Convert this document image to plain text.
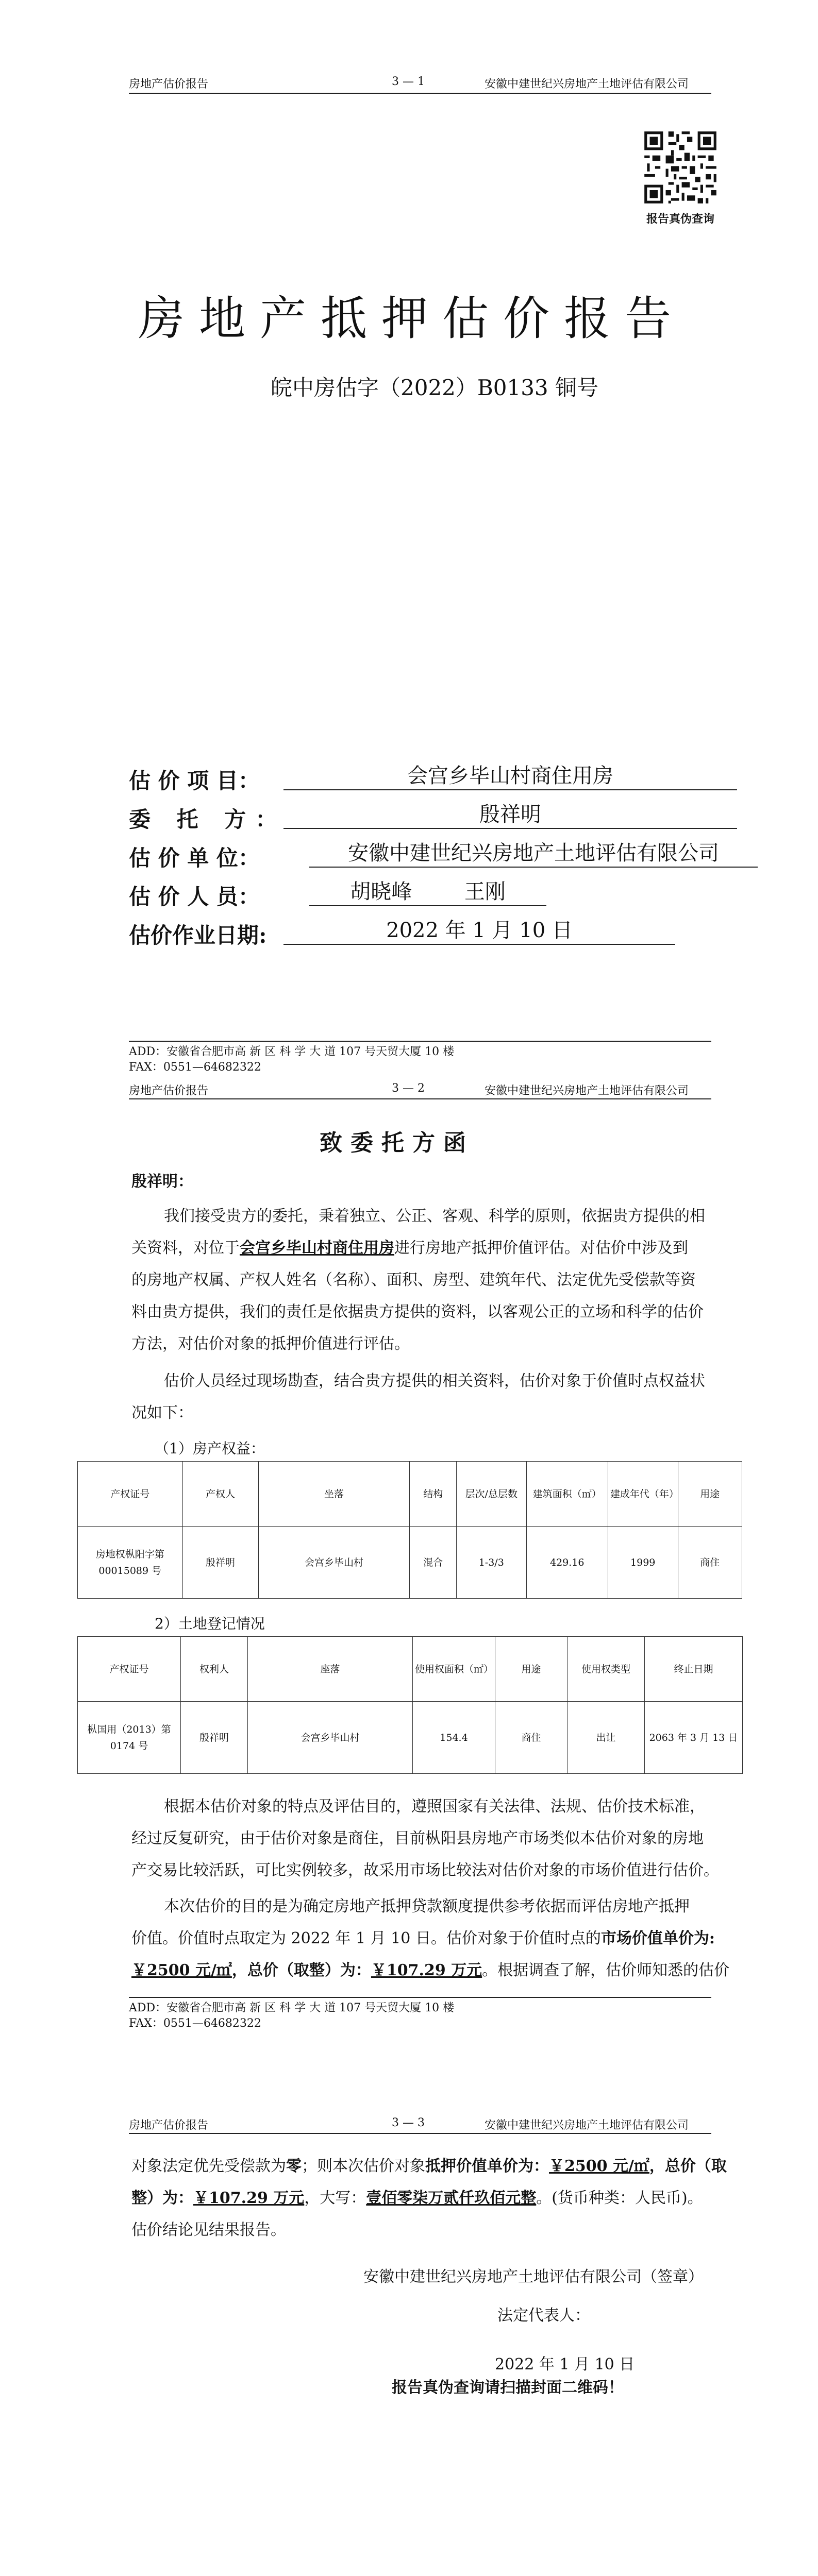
房地产估价报告	3 — 1	安徽中建世纪兴房地产土地评估有限公司
报告真伪查询
房地产抵押估价报告
皖中房估字（2022）B0133 铜号
估 价 项 目：	会宫乡毕山村商住用房
委 托 方：	殷祥明
估 价 单 位：	安徽中建世纪兴房地产土地评估有限公司
估 价 人 员：	胡晓峰        王刚
估价作业日期:	2022 年 1 月 10 日
ADD：安徽省合肥市高 新 区 科 学 大 道 107 号天贸大厦 10 楼
FAX：0551—64682322
房地产估价报告	3 — 2	安徽中建世纪兴房地产土地评估有限公司
致委托方函
殷祥明：
我们接受贵方的委托，秉着独立、公正、客观、科学的原则，依据贵方提供的相
关资料，对位于会宫乡毕山村商住用房进行房地产抵押价值评估。对估价中涉及到
的房地产权属、产权人姓名（名称）、面积、房型、建筑年代、法定优先受偿款等资
料由贵方提供，我们的责任是依据贵方提供的资料，以客观公正的立场和科学的估价
方法，对估价对象的抵押价值进行评估。
估价人员经过现场勘查，结合贵方提供的相关资料，估价对象于价值时点权益状
况如下：
（1）房产权益：
产权证号	产权人	坐落	结构	层次/总层数	建筑面积（㎡）	建成年代（年）	用途
房地权枞阳字第 00015089 号	殷祥明	会宫乡毕山村	混合	1-3/3	429.16	1999	商住
2）土地登记情况
产权证号	权利人	座落	使用权面积（㎡）	用途	使用权类型	终止日期
枞国用（2013）第 0174 号	殷祥明	会宫乡毕山村	154.4	商住	出让	2063 年 3 月 13 日
根据本估价对象的特点及评估目的，遵照国家有关法律、法规、估价技术标准，
经过反复研究，由于估价对象是商住，目前枞阳县房地产市场类似本估价对象的房地
产交易比较活跃，可比实例较多，故采用市场比较法对估价对象的市场价值进行估价。
本次估价的目的是为确定房地产抵押贷款额度提供参考依据而评估房地产抵押
价值。价值时点取定为 2022 年 1 月 10 日。估价对象于价值时点的市场价值单价为:
￥2500 元/㎡，总价（取整）为：￥107.29 万元。根据调查了解，估价师知悉的估价
ADD：安徽省合肥市高 新 区 科 学 大 道 107 号天贸大厦 10 楼
FAX：0551—64682322
房地产估价报告	3 — 3	安徽中建世纪兴房地产土地评估有限公司
对象法定优先受偿款为零；则本次估价对象抵押价值单价为：￥2500 元/㎡，总价（取
整）为：￥107.29 万元，大写：壹佰零柒万贰仟玖佰元整。(货币种类：人民币)。
估价结论见结果报告。
安徽中建世纪兴房地产土地评估有限公司（签章）
法定代表人：
2022 年 1 月 10 日
报告真伪查询请扫描封面二维码！
